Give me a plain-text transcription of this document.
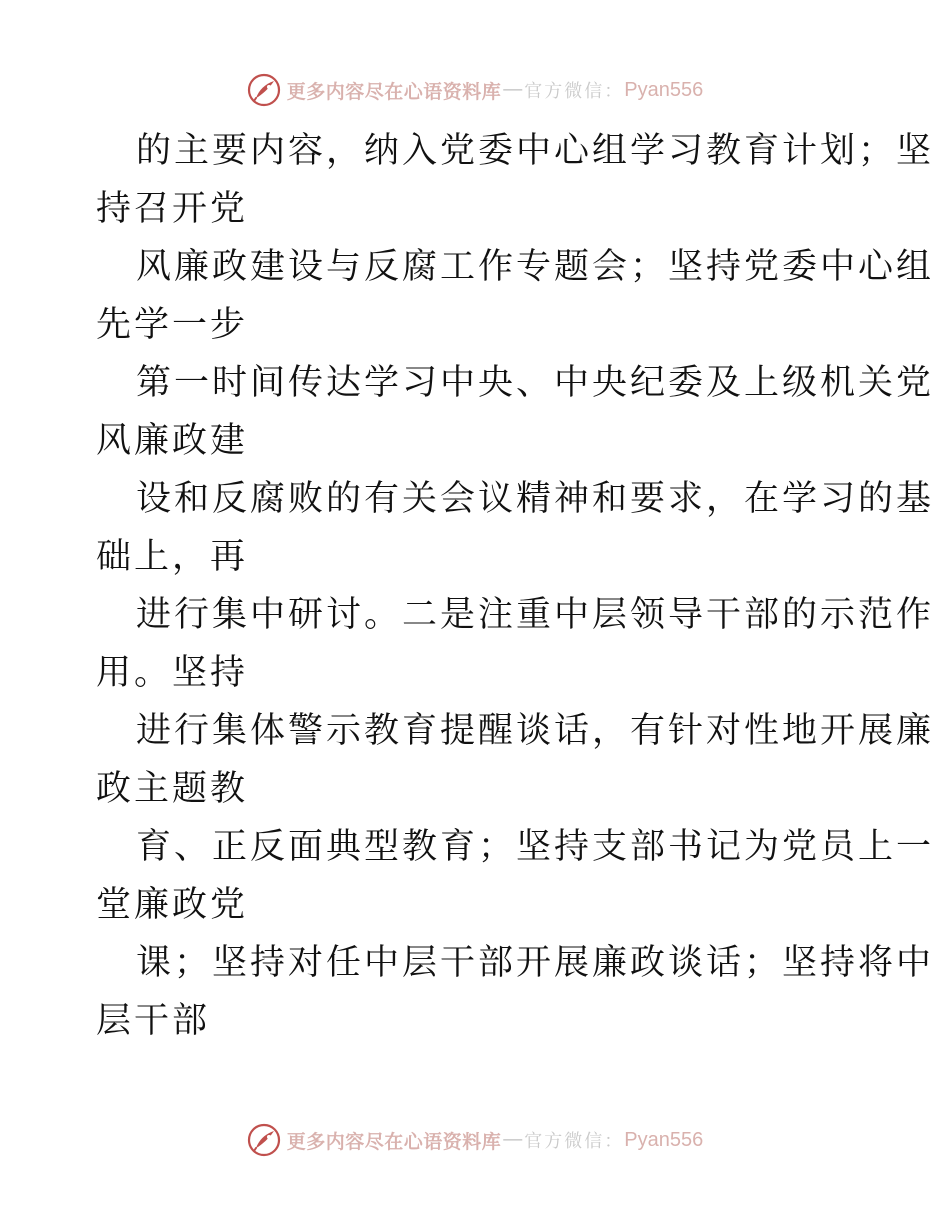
更多内容尽在心语资料库 — 官方微信： Pyan556
的主要内容，纳入党委中心组学习教育计划；坚
持召开党
风廉政建设与反腐工作专题会；坚持党委中心组
先学一步
第一时间传达学习中央、中央纪委及上级机关党
风廉政建
设和反腐败的有关会议精神和要求，在学习的基
础上，再
进行集中研讨。二是注重中层领导干部的示范作
用。坚持
进行集体警示教育提醒谈话，有针对性地开展廉
政主题教
育、正反面典型教育；坚持支部书记为党员上一
堂廉政党
课；坚持对任中层干部开展廉政谈话；坚持将中
层干部
更多内容尽在心语资料库 — 官方微信： Pyan556
